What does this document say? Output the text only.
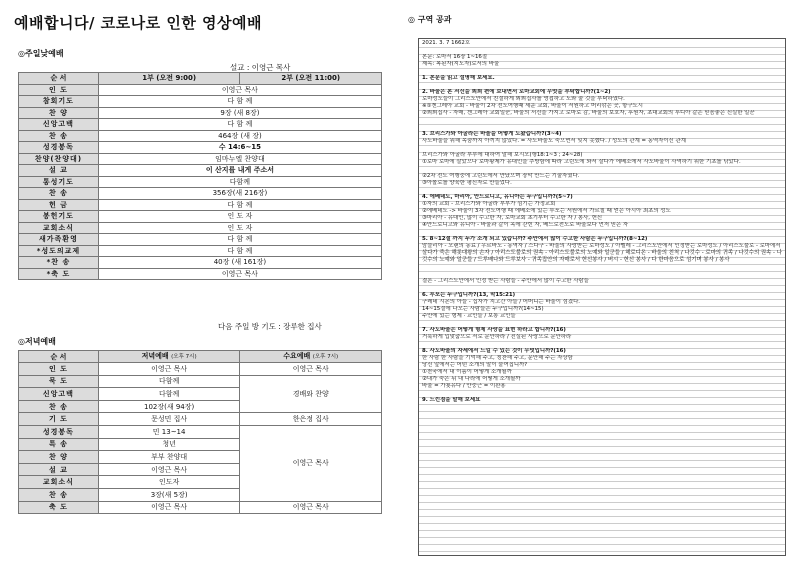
예배합니다/ 코로나로 인한 영상예배
◎주일낮예배
설교 : 이영근 목사
순 서	1부 (오전 9:00)	2부 (오전 11:00)
인 도	이영근 목사	
참회기도	다 함 께	
찬 양	9장 (새 8장)	
신앙고백	다 함 께	
찬 송	464장 (새 장)	
성경봉독	수 14:6~15	
찬양(찬양대)	임마누엘 찬양대	
설 교	이 산지를 내게 주소서	
통성기도	다함께	
찬 송	356장(새 216장)	
헌 금	다 함 께	
봉헌기도	인 도 자	
교회소식	인 도 자	
새가족환영	다 함 께	
*성도의교제	다 함 께	
*찬 송	40장 (새 161장)	
*축 도	이영근 목사	
다음 주일 방 기도 : 장루한 집사
◎저녁예배
순 서	저녁예배 (오후 7시)	수요예배 (오후 7시)
인 도	이영근 목사	이영근 목사
묵 도	다함께	경배와 찬양
신앙고백	다함께	
찬 송	102장(새 94장)	
기 도	문성민 집사	한은정 집사
성경봉독	민 13~14	이영근 목사
특 송	청년	
찬 양	부부 찬양대	
설 교	이영근 목사	
교회소식	인도자	
찬 송	3장(새 5장)	
축 도	이영근 목사	이영근 목사
◎ 구역 공과
2021. 3. 7 1662호
본문: 로마서 16장 1~16절
제목: 복된자(지도자)로서의 바울
1. 본문을 읽고 설명해 보세요.
2. 바울은 본 서신을 뵈뵈 편에 보내면서 로마교회에 무엇을 부탁합니까?(1~2)
로마성도들이 그리스도안에서 친절하게 뵈뵈집사를 영접하고 도와 줄 것을 부탁하였다.
※①겐그레아 교회 - 바울이 2차 전도여행때 세운 교회, 바울이 서원하고 머리깎은 곳, 항구도시
②뵈뵈집사 - 자매, 겐그레아 교회일꾼, 바울의 서신을 가지고 로마로 감, 바울의 보호자, 후원자, 초대교회의 루디아 같은 믿음좋은 신실한 일꾼
3. 브리스가와 아굴라는 바울을 어떻게 도왔습니까?(3~4)
사도바울을 위해 목숨까지 아끼지 않았다. = 사도바울도 죽으면서 잊지 못했다. / 성도의 관계 = 동역자이신 관계
브리스가와 아굴라 부부에 대하여 말해 보시오(행18:1~3 ; 24~28)
①로마 로마에 살았으나 로마황제가 유대인을 추방함에 따라 고린도에 와서 살다가 에베소에서 사도바울이 사역하기 위한 기초를 닦았다.
②2차 전도 여행중에 고린도에서 만났으며 장막 만드는 기술자였다.
③아볼로를 양육한 평신자로 만들었다.
4. 에베네도, 마리아, 안드로니고, 유니아는 누구입니까?(5~7)
①자의 교회 - 브리스가와 아굴라 부부가 섬기는 가정교회
②에베네도 -> 바울이 3차 전도여행 때 에베소에 있는 루포는 서원에서 가르칠 때 얻은 아시아 최초의 성도
③마리아 - 유대인, 많이 수고한 자, 로마교회 초기부터 수고한 자 / 봉사, 헌신
④안드로니고와 유니아 - 바울과 같이 옥에 갇힌 자, 베드로전도로 바울보다 먼저 믿은 자
5. 8~12절 까지 누가 소개 되고 있습니까? 주안에서 많이 수고한 사람은 누구입니까?(8~12)
암블리아 - 오랜의 동료 / 우르바노 - 동역자 / 스다구 - 바울의 사랑받는 로마성도 / 아벨레 - 그리스도안에서 인정받는 로마성도 / 아리스도불로 - 로마에서 살다가 죽은 해롯대왕의 손자 / 아리스도불로의 권속 - 아리스도불로의 노예와 일군들 / 헤로디온 - 바울의 친척 / 나깃수 - 로마의 귀족 / 나깃수의 권속 - 나깃수의 노예와 일군들 / 드루배나와 드루보사 - 귀족집안의 자매로서 헌신봉사 / 버시 - 헌신 봉사 / 다 한마음으로 섬기며 봉사 / 봉사
결론 - 그리스도안에서 인정 받는 사람들 - 주안에서 많이 수고한 사람들
6. 루포는 누구입니까?(13, 막15:21)
구레네 시몬의 아들 - 십자가 지고간 아들 / 어머니는 바울이 섬겼다.
14~15절에 나오는 사람들은 누구입니까?(14~15)
주안에 있는 형제 · 교인들 / 보통 교인들
7. 사도바울은 어떻게 형제 사랑을 표현 하라고 합니까?(16)
거룩하게 입맞춤으로 서로 문안하라 / 진실된 사랑으로 문안하라
8. 사도바울의 자세에서 느낄 수 있는 것이 무엇입니까?(16)
한 사람 한 사람을 기억해 주고, 칭찬해 주고, 문안해 주는 자상함
당신 앞에서는 어떤 소개의 말이 붙여집니까?
①천국에서 내 이름이 어떻게 소개될까
②내가 죽은 뒤 내 나라에 어떻게 소개될까
바울 = 가룟유다 / 안중근 = 이완용
9. 느낀점을 말해 보세요
